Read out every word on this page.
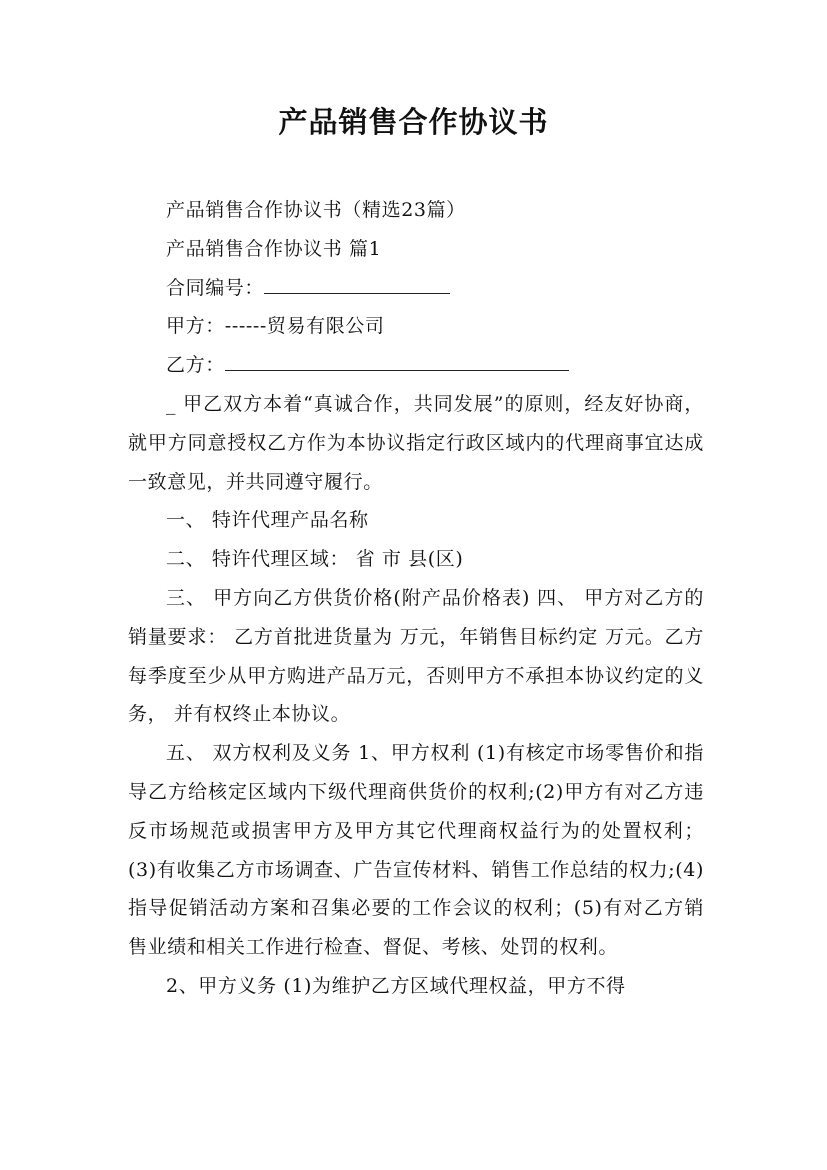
产品销售合作协议书

产品销售合作协议书（精选23篇）

产品销售合作协议书 篇1

合同编号：

甲方：------贸易有限公司

乙方：

_ 甲乙双方本着“真诚合作，共同发展”的原则，经友好协商，就甲方同意授权乙方作为本协议指定行政区域内的代理商事宜达成一致意见，并共同遵守履行。

一、 特许代理产品名称

二、 特许代理区域： 省 市 县(区)

三、 甲方向乙方供货价格(附产品价格表) 四、 甲方对乙方的销量要求： 乙方首批进货量为 万元，年销售目标约定 万元。乙方每季度至少从甲方购进产品万元，否则甲方不承担本协议约定的义务， 并有权终止本协议。

五、 双方权利及义务 1、甲方权利 (1)有核定市场零售价和指导乙方给核定区域内下级代理商供货价的权利;(2)甲方有对乙方违反市场规范或损害甲方及甲方其它代理商权益行为的处置权利；(3)有收集乙方市场调查、广告宣传材料、销售工作总结的权力;(4)指导促销活动方案和召集必要的工作会议的权利；(5)有对乙方销售业绩和相关工作进行检查、督促、考核、处罚的权利。

2、甲方义务 (1)为维护乙方区域代理权益，甲方不得
